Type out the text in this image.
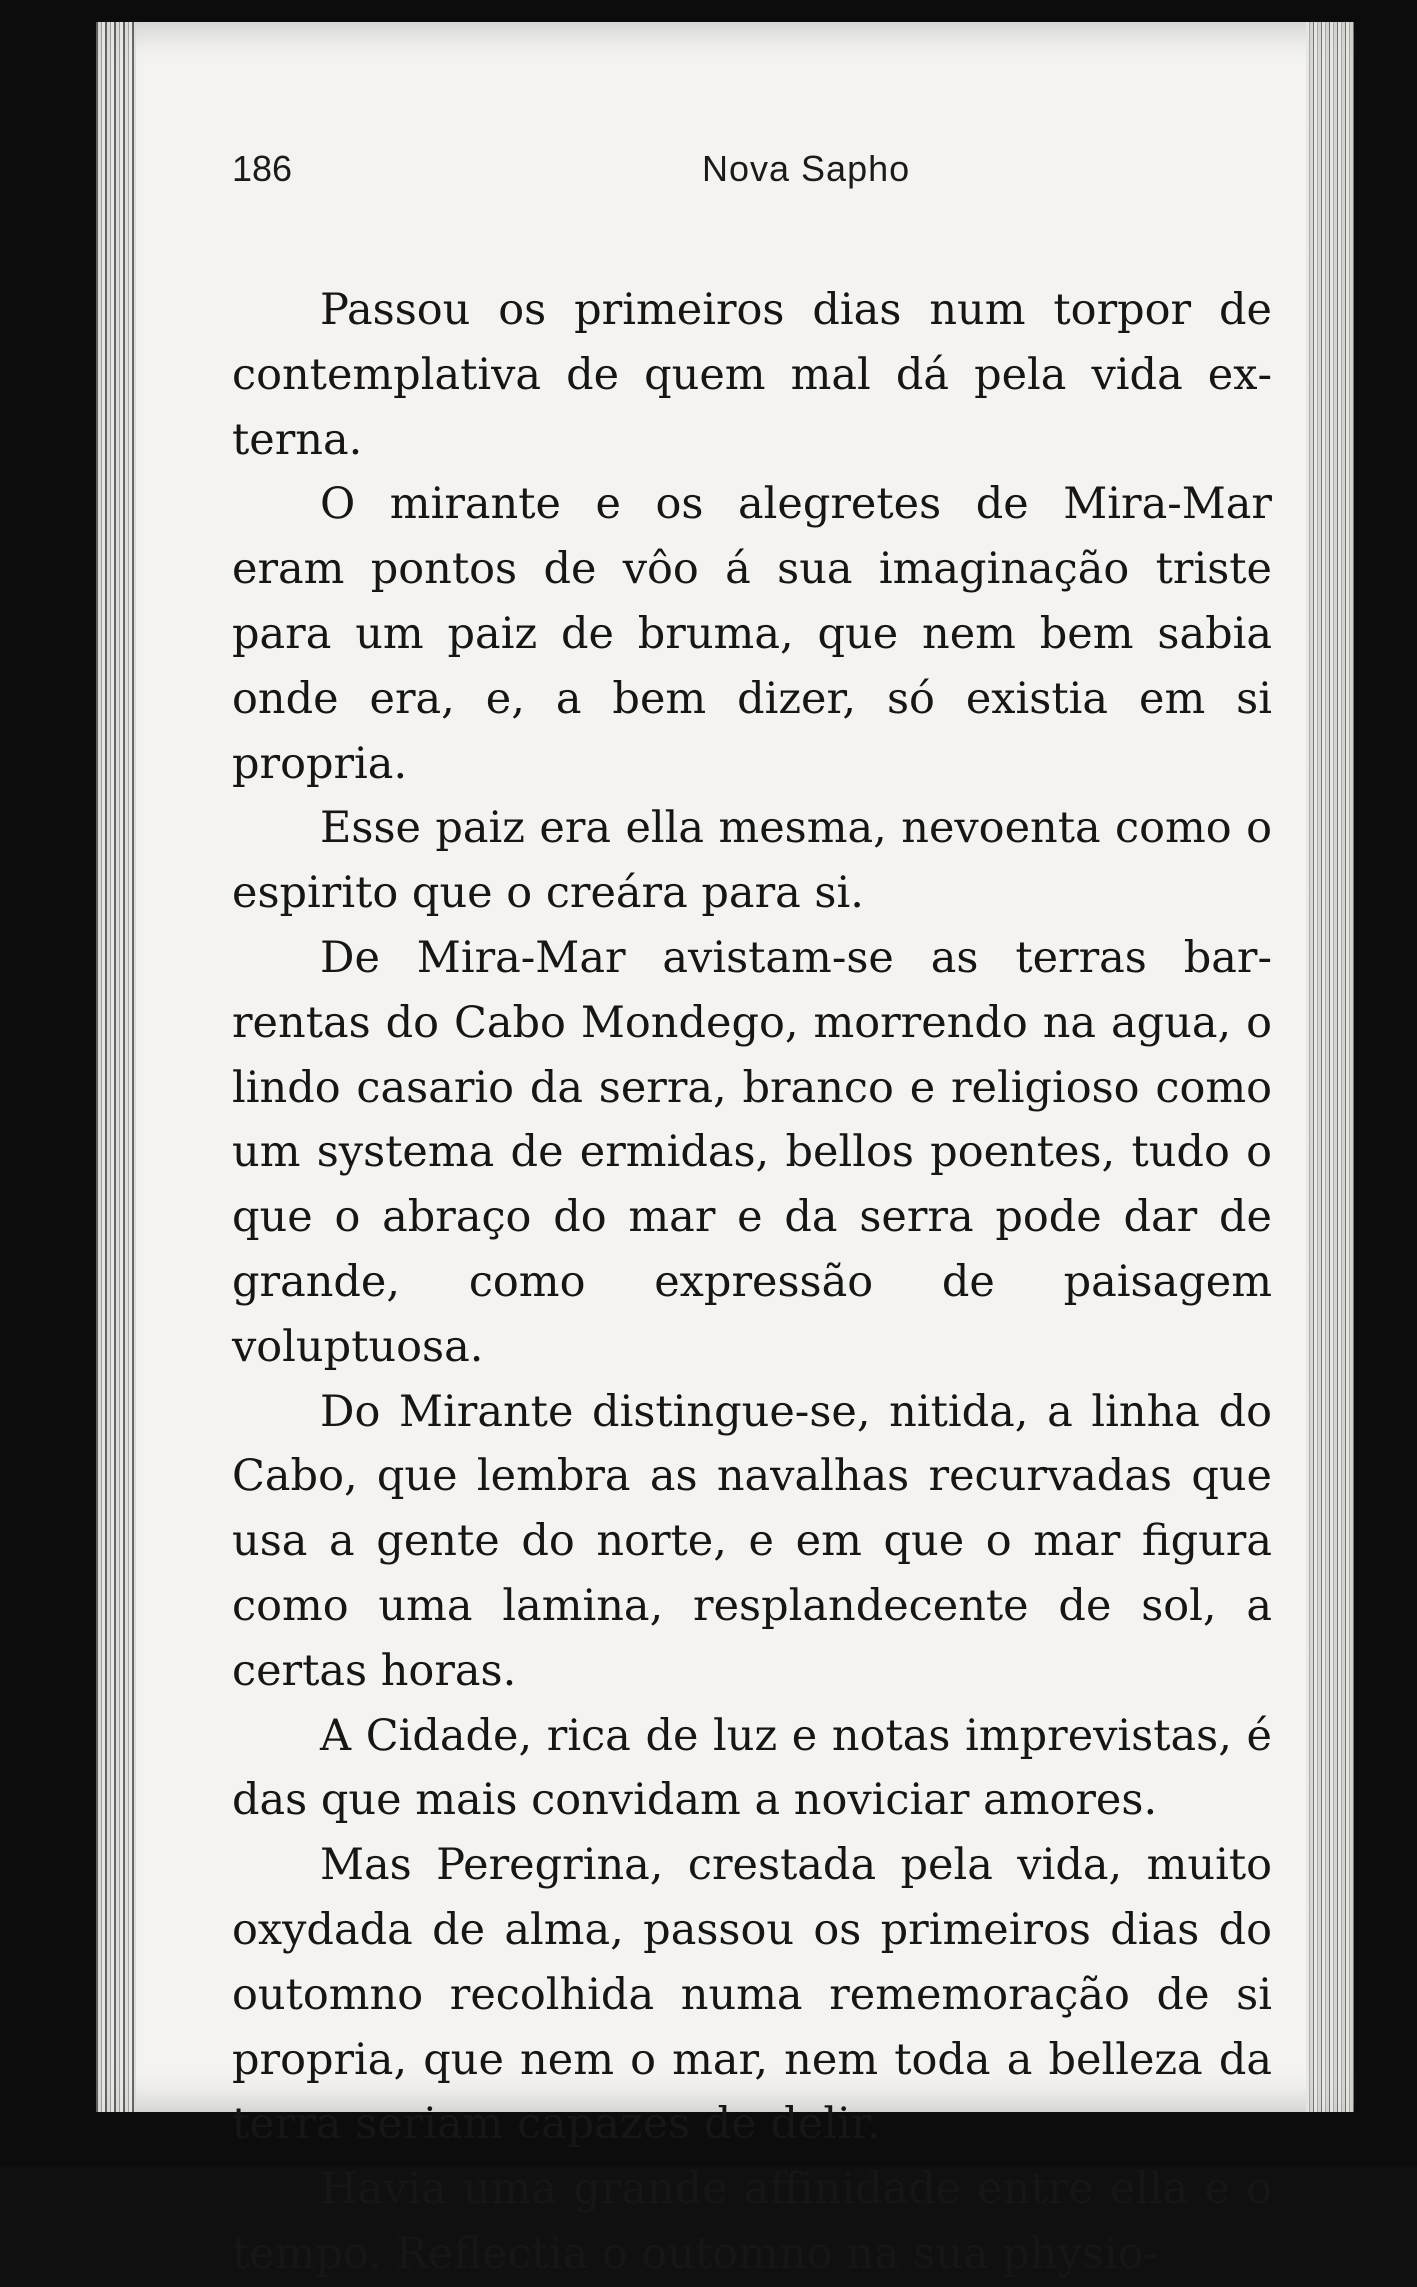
186	Nova Sapho

Passou os primeiros dias num torpor de contemplativa de quem mal dá pela vida externa.

O mirante e os alegretes de Mira-Mar eram pontos de vôo á sua imaginação triste para um paiz de bruma, que nem bem sabia onde era, e, a bem dizer, só existia em si propria.

Esse paiz era ella mesma, nevoenta como o espirito que o creára para si.

De Mira-Mar avistam-se as terras barrentas do Cabo Mondego, morrendo na agua, o lindo casario da serra, branco e religioso como um systema de ermidas, bellos poentes, tudo o que o abraço do mar e da serra pode dar de grande, como expressão de paisagem voluptuosa.

Do Mirante distingue-se, nitida, a linha do Cabo, que lembra as navalhas recurvadas que usa a gente do norte, e em que o mar figura como uma lamina, resplandecente de sol, a certas horas.

A Cidade, rica de luz e notas imprevistas, é das que mais convidam a noviciar amores.

Mas Peregrina, crestada pela vida, muito oxydada de alma, passou os primeiros dias do outomno recolhida numa rememoração de si propria, que nem o mar, nem toda a belleza da terra seriam capazes de delir.

Havia uma grande affinidade entre ella e o tempo. Reflectia o outomno na sua physio-
